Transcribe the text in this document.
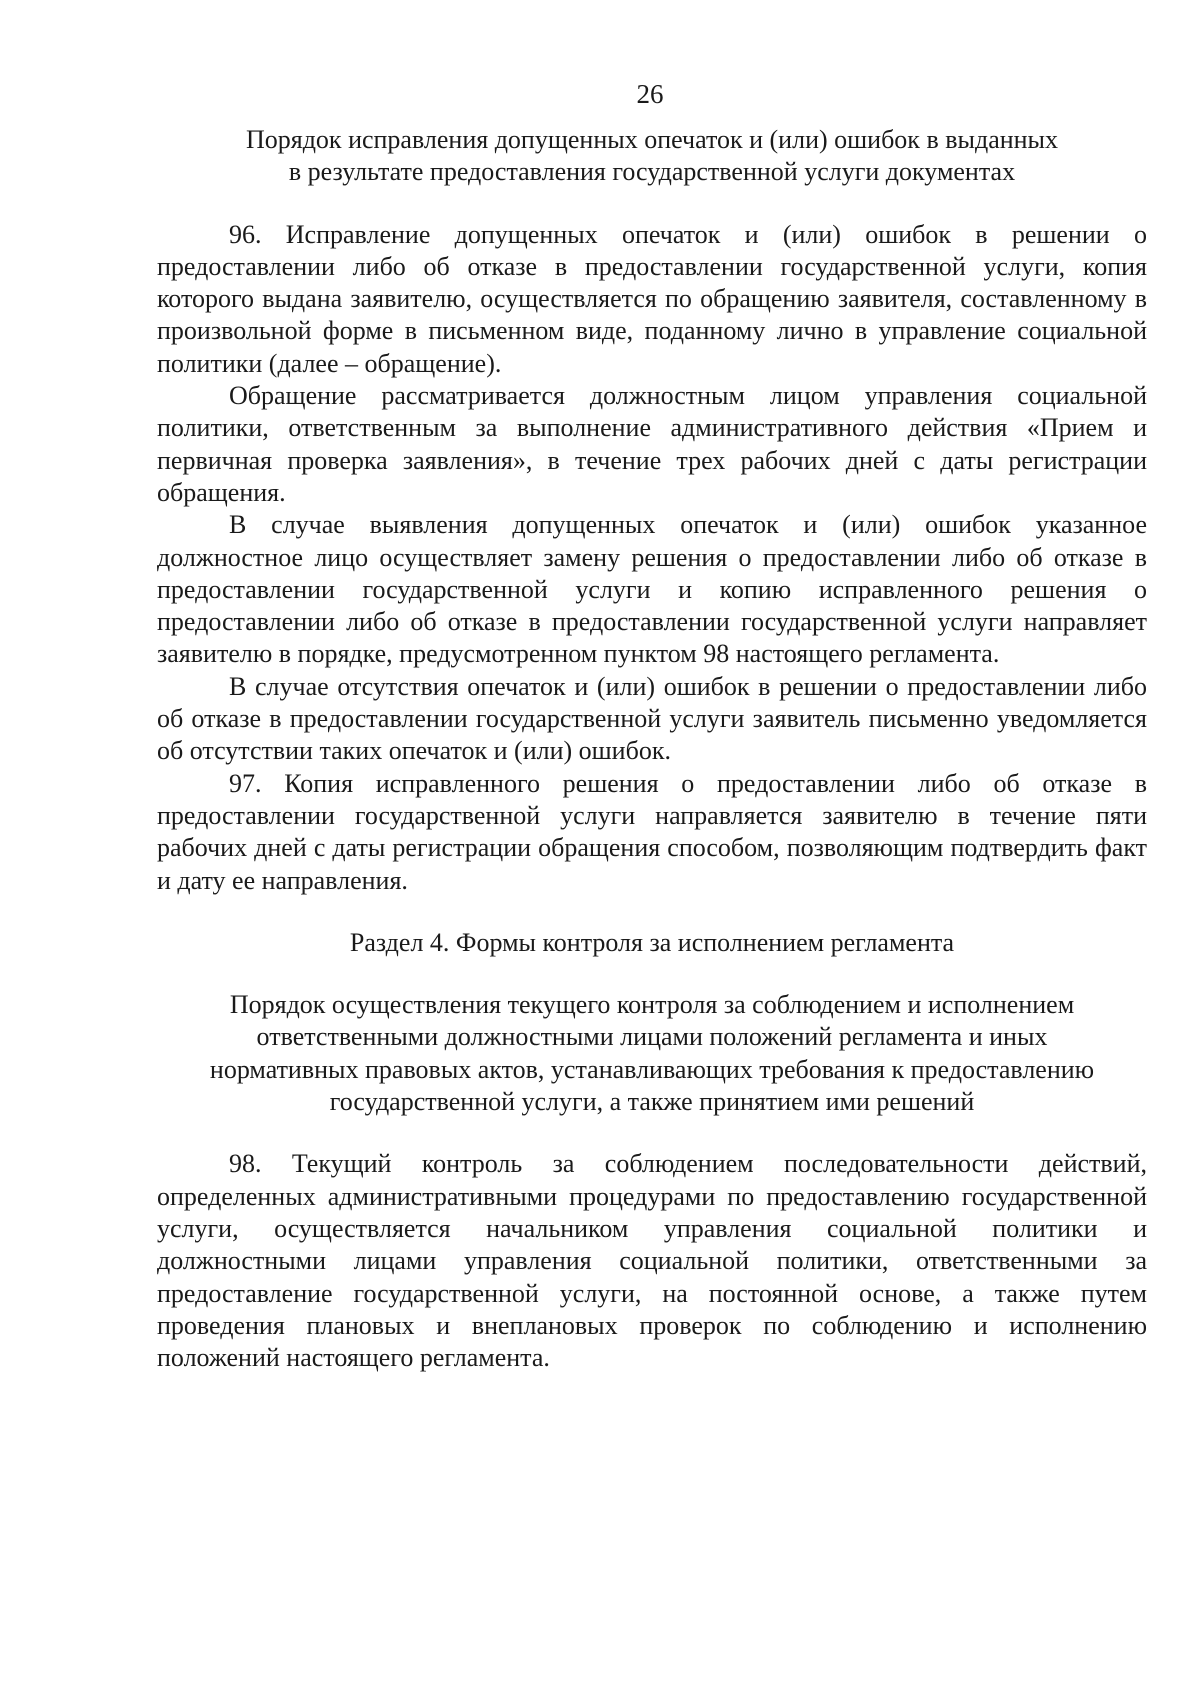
26
Порядок исправления допущенных опечаток и (или) ошибок в выданных
в результате предоставления государственной услуги документах

96. Исправление допущенных опечаток и (или) ошибок в решении о предоставлении либо об отказе в предоставлении государственной услуги, копия которого выдана заявителю, осуществляется по обращению заявителя, составленному в произвольной форме в письменном виде, поданному лично в управление социальной политики (далее – обращение).

Обращение рассматривается должностным лицом управления социальной политики, ответственным за выполнение административного действия «Прием и первичная проверка заявления», в течение трех рабочих дней с даты регистрации обращения.

В случае выявления допущенных опечаток и (или) ошибок указанное должностное лицо осуществляет замену решения о предоставлении либо об отказе в предоставлении государственной услуги и копию исправленного решения о предоставлении либо об отказе в предоставлении государственной услуги направляет заявителю в порядке, предусмотренном пунктом 98 настоящего регламента.

В случае отсутствия опечаток и (или) ошибок в решении о предоставлении либо об отказе в предоставлении государственной услуги заявитель письменно уведомляется об отсутствии таких опечаток и (или) ошибок.

97. Копия исправленного решения о предоставлении либо об отказе в предоставлении государственной услуги направляется заявителю в течение пяти рабочих дней с даты регистрации обращения способом, позволяющим подтвердить факт и дату ее направления.

Раздел 4. Формы контроля за исполнением регламента

Порядок осуществления текущего контроля за соблюдением и исполнением
ответственными должностными лицами положений регламента и иных
нормативных правовых актов, устанавливающих требования к предоставлению
государственной услуги, а также принятием ими решений

98. Текущий контроль за соблюдением последовательности действий, определенных административными процедурами по предоставлению государственной услуги, осуществляется начальником управления социальной политики и должностными лицами управления социальной политики, ответственными за предоставление государственной услуги, на постоянной основе, а также путем проведения плановых и внеплановых проверок по соблюдению и исполнению положений настоящего регламента.
